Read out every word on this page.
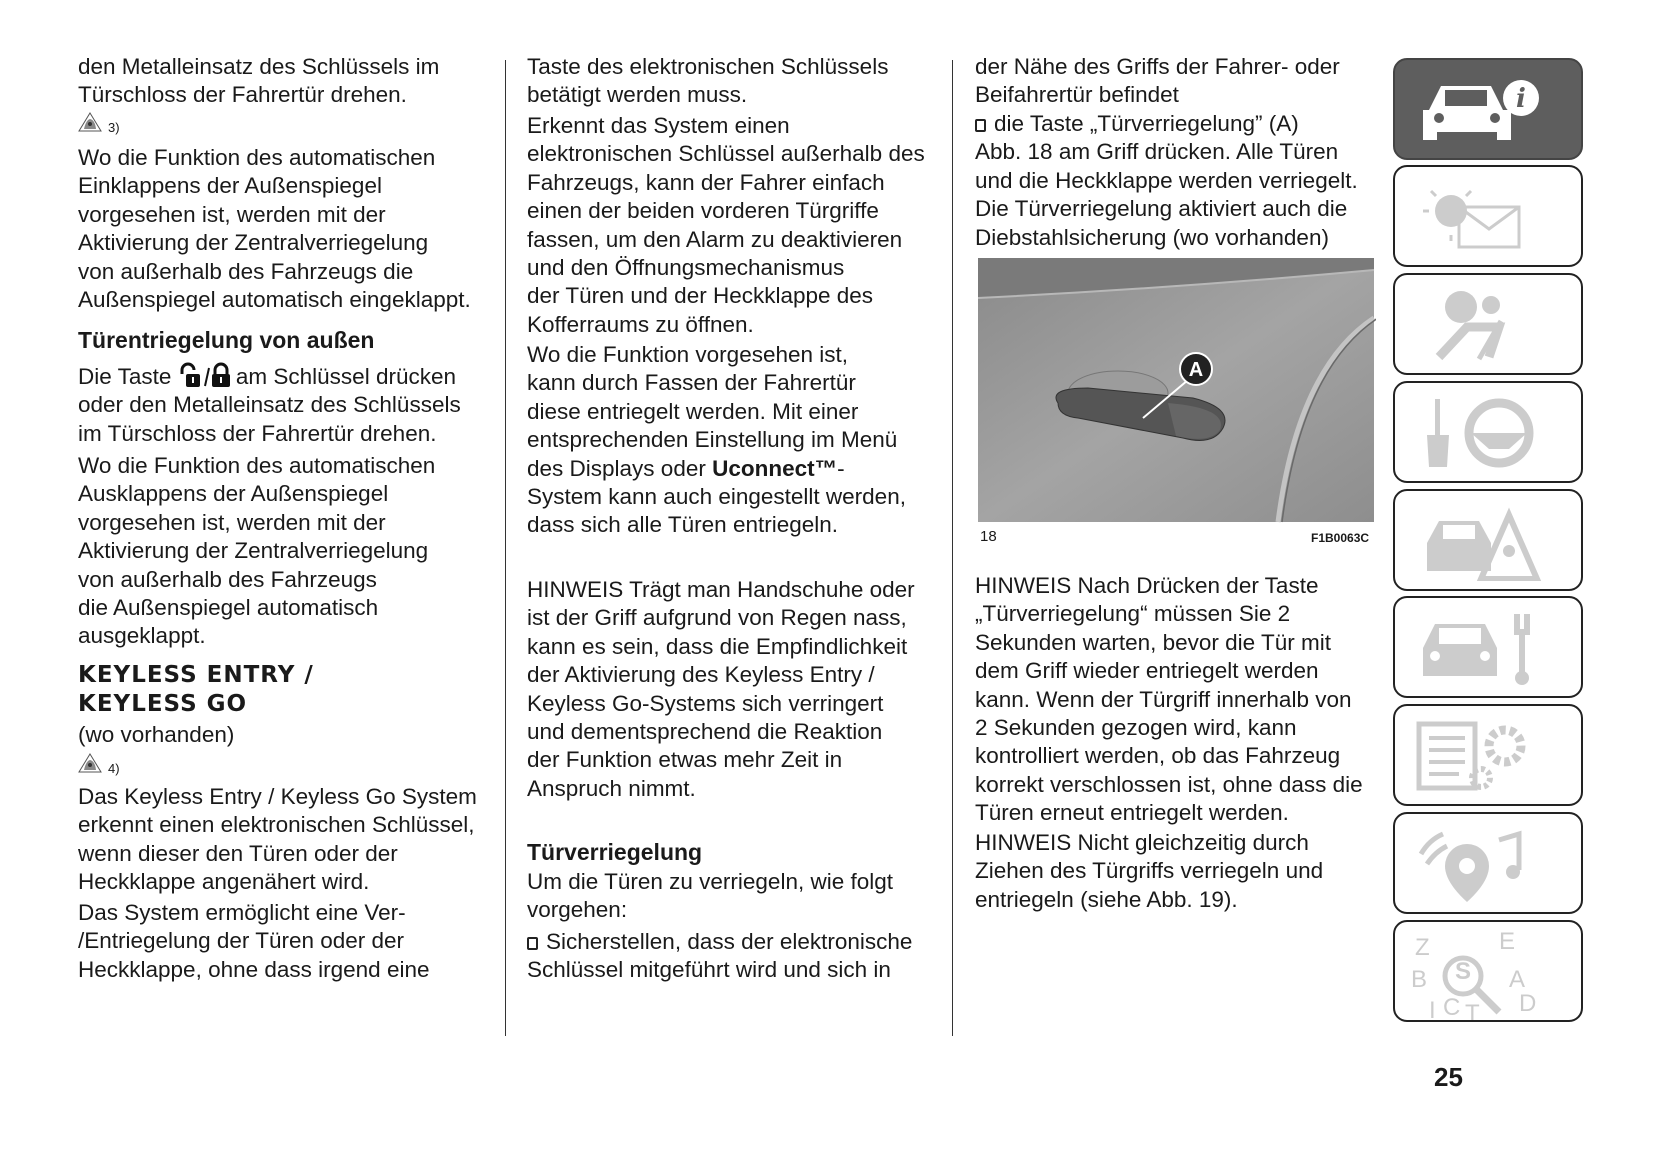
A
18	F1B0063C
i
I
Z	E
S A
B
D
C T
25
den Metalleinsatz des Schlüssels im
Türschloss der Fahrertür drehen.
3)
Wo die Funktion des automatischen
Einklappens der Außenspiegel
vorgesehen ist, werden mit der
Aktivierung der Zentralverriegelung
von außerhalb des Fahrzeugs die
Außenspiegel automatisch eingeklappt.
Türentriegelung von außen
Die Taste  am Schlüssel drücken
oder den Metalleinsatz des Schlüssels
im Türschloss der Fahrertür drehen.
Wo die Funktion des automatischen
Ausklappens der Außenspiegel
vorgesehen ist, werden mit der
Aktivierung der Zentralverriegelung
von außerhalb des Fahrzeugs
die Außenspiegel automatisch
ausgeklappt.
KEYLESS ENTRY /
KEYLESS GO
(wo vorhanden)
4)
Das Keyless Entry / Keyless Go System
erkennt einen elektronischen Schlüssel,
wenn dieser den Türen oder der
Heckklappe angenähert wird.
Das System ermöglicht eine Ver-
/Entriegelung der Türen oder der
Heckklappe, ohne dass irgend eine
Taste des elektronischen Schlüssels
betätigt werden muss.
Erkennt das System einen
elektronischen Schlüssel außerhalb des
Fahrzeugs, kann der Fahrer einfach
einen der beiden vorderen Türgriffe
fassen, um den Alarm zu deaktivieren
und den Öffnungsmechanismus
der Türen und der Heckklappe des
Kofferraums zu öffnen.
Wo die Funktion vorgesehen ist,
kann durch Fassen der Fahrertür
diese entriegelt werden. Mit einer
entsprechenden Einstellung im Menü
des Displays oder Uconnect™-
System kann auch eingestellt werden,
dass sich alle Türen entriegeln.
HINWEIS Trägt man Handschuhe oder
ist der Griff aufgrund von Regen nass,
kann es sein, dass die Empfindlichkeit
der Aktivierung des Keyless Entry /
Keyless Go-Systems sich verringert
und dementsprechend die Reaktion
der Funktion etwas mehr Zeit in
Anspruch nimmt.
Türverriegelung
Um die Türen zu verriegeln, wie folgt
vorgehen:
Sicherstellen, dass der elektronische
Schlüssel mitgeführt wird und sich in
der Nähe des Griffs der Fahrer- oder
Beifahrertür befindet
die Taste „Türverriegelung” (A)
Abb. 18 am Griff drücken. Alle Türen
und die Heckklappe werden verriegelt.
Die Türverriegelung aktiviert auch die
Diebstahlsicherung (wo vorhanden)
HINWEIS Nach Drücken der Taste
„Türverriegelung“ müssen Sie 2
Sekunden warten, bevor die Tür mit
dem Griff wieder entriegelt werden
kann. Wenn der Türgriff innerhalb von
2 Sekunden gezogen wird, kann
kontrolliert werden, ob das Fahrzeug
korrekt verschlossen ist, ohne dass die
Türen erneut entriegelt werden.
HINWEIS Nicht gleichzeitig durch
Ziehen des Türgriffs verriegeln und
entriegeln (siehe Abb. 19).
